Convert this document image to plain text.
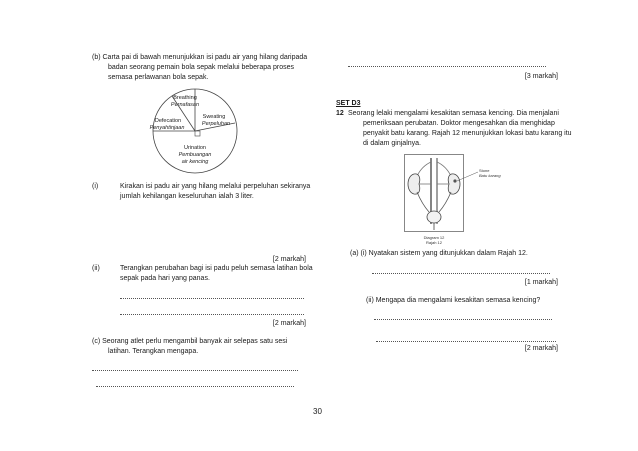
(b) Carta pai di bawah menunjukkan isi padu air yang hilang daripada
badan seorang pemain bola sepak melalui beberapa proses
semasa perlawanan bola sepak.
Breathing
Pernafasan
Sweating
Perpeluhan
Defecation
Penyahtinjaan
Urination
Pembuangan
air kencing
(i)	Kirakan isi padu air yang hilang melalui perpeluhan sekiranya
jumlah kehilangan keseluruhan ialah 3 liter.
[2 markah]
(ii)	Terangkan perubahan bagi isi padu peluh semasa latihan bola
sepak pada hari yang panas.
[2 markah]
(c) Seorang atlet perlu mengambil banyak air selepas satu sesi
latihan. Terangkan mengapa.
[3 markah]
SET D3
12 Seorang lelaki mengalami kesakitan semasa kencing. Dia menjalani
pemeriksaan perubatan. Doktor mengesahkan dia menghidap
penyakit batu karang. Rajah 12 menunjukkan lokasi batu karang itu
di dalam ginjalnya.
Stone
Batu karang
Diagram 12
Rajah 12
(a) (i) Nyatakan sistem yang ditunjukkan dalam Rajah 12.
[1 markah]
(ii) Mengapa dia mengalami kesakitan semasa kencing?
[2 markah]
30
